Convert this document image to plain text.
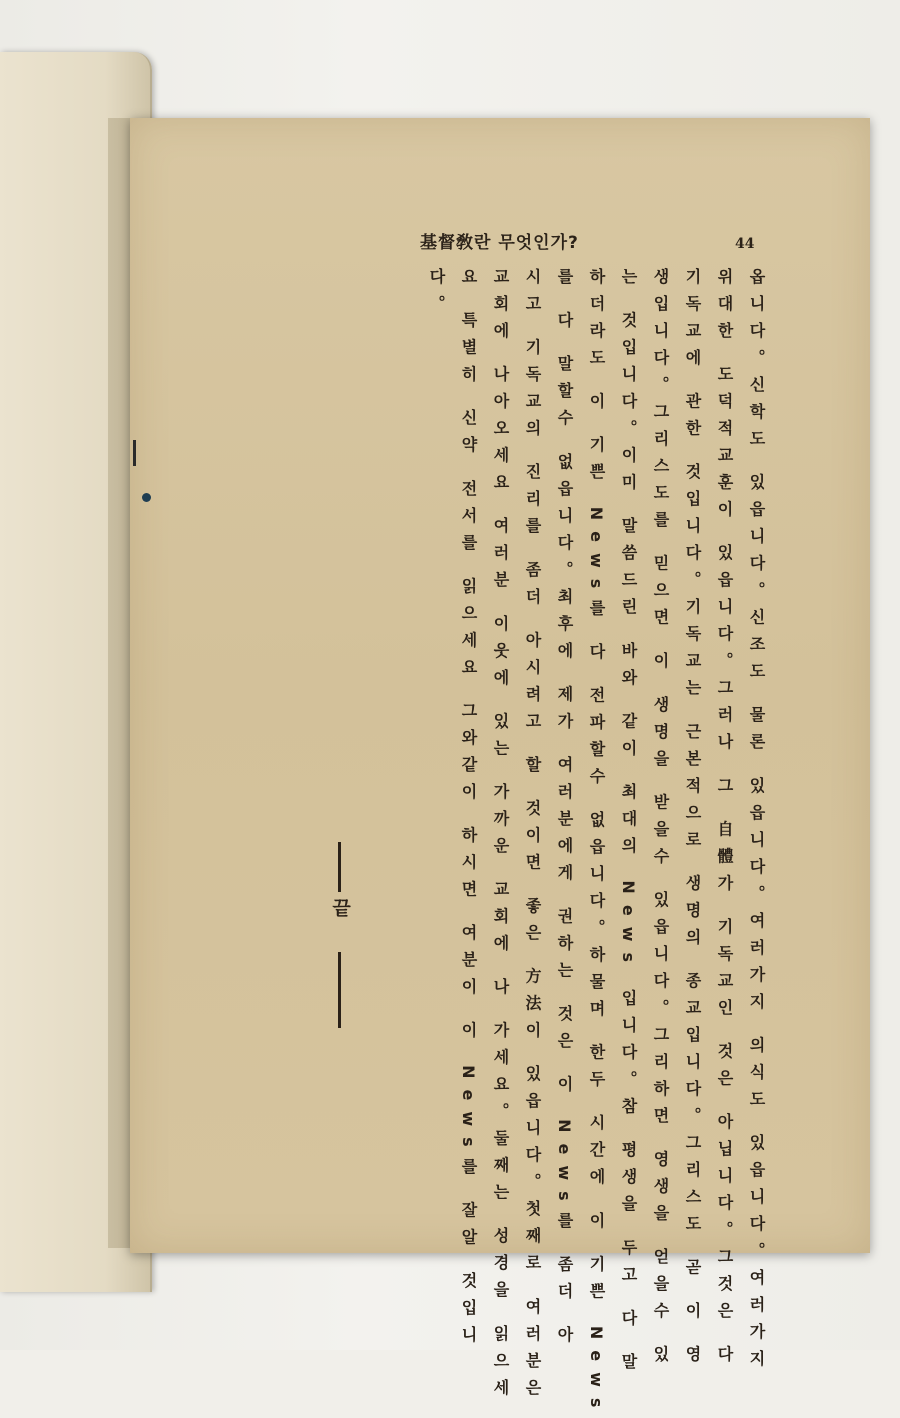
基督敎란 무엇인가?	44
옵니다。신학도 있읍니다。신조도 물론 있읍니다。여러가지 의식도 있읍니다。여러가지
위대한 도덕적교훈이 있읍니다。그러나 그 自體가 기독교인 것은 아닙니다。그것은 다
기독교에 관한 것입니다。기독교는 근본적으로 생명의 종교입니다。그리스도   영
생입니다。그리스도를 믿으면 이 생명을 받을수 있읍니다。그리하면 영생을  있
는 것입니다。이미 말씀드린 바와 같이 최대의 News 입니다。참 평생을 두고  말
하더라도 이 기쁜 News를 다 전파할수 없읍니다。하물며 한두 시간에 이  News
를 다 말할수 없읍니다。최후에 제가 여러분에게 권하는 것은 이 News를
시고 기독교의 진리를 좀더 아시려고 할 것이면 좋은 方法이 있읍니다。첫째로 여러분은
교회에 나아오세요 여러분 이웃에 있는 가까운 교회에 나 가세요。둘째는 성경을 읽으세
요 특별히 신약 전서를 읽으세요 그와같이 하시면 여분이 이 News를 잘알
다。
끝
